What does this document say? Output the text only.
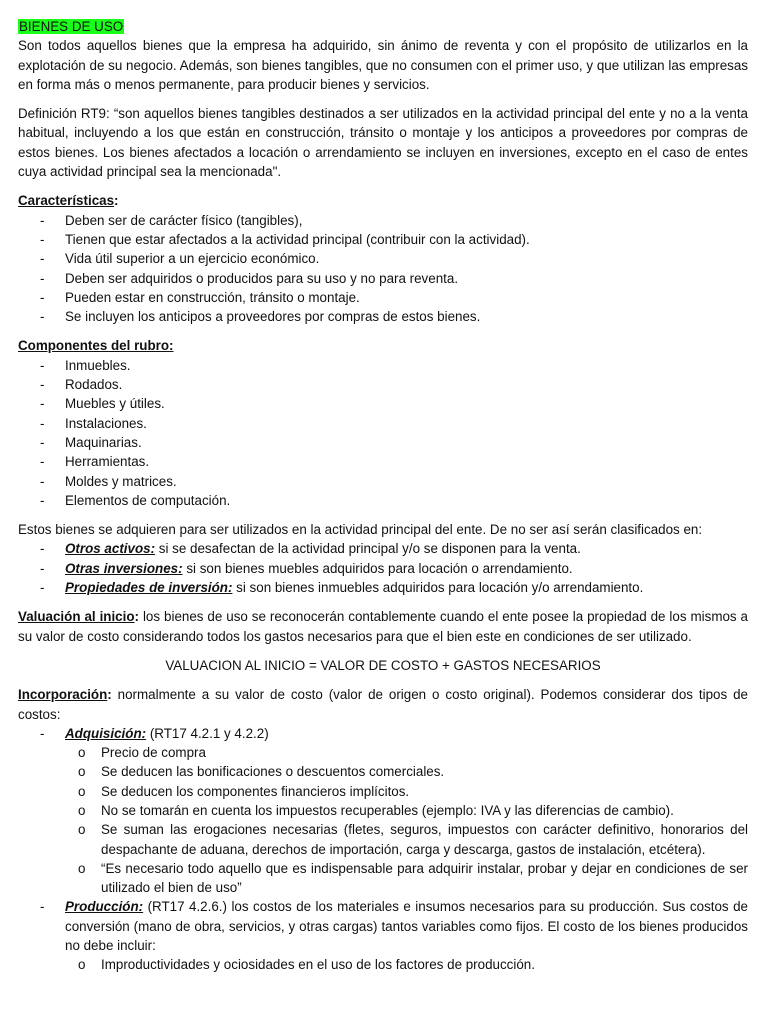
BIENES DE USO

Son todos aquellos bienes que la empresa ha adquirido, sin ánimo de reventa y con el propósito de utilizarlos en la explotación de su negocio. Además, son bienes tangibles, que no consumen con el primer uso, y que utilizan las empresas en forma más o menos permanente, para producir bienes y servicios.

Definición RT9: “son aquellos bienes tangibles destinados a ser utilizados en la actividad principal del ente y no a la venta habitual, incluyendo a los que están en construcción, tránsito o montaje y los anticipos a proveedores por compras de estos bienes. Los bienes afectados a locación o arrendamiento se incluyen en inversiones, excepto en el caso de entes cuya actividad principal sea la mencionada".

Características:

- Deben ser de carácter físico (tangibles),
- Tienen que estar afectados a la actividad principal (contribuir con la actividad).
- Vida útil superior a un ejercicio económico.
- Deben ser adquiridos o producidos para su uso y no para reventa.
- Pueden estar en construcción, tránsito o montaje.
- Se incluyen los anticipos a proveedores por compras de estos bienes.

Componentes del rubro:

- Inmuebles.
- Rodados.
- Muebles y útiles.
- Instalaciones.
- Maquinarias.
- Herramientas.
- Moldes y matrices.
- Elementos de computación.

Estos bienes se adquieren para ser utilizados en la actividad principal del ente. De no ser así serán clasificados en:

- Otros activos: si se desafectan de la actividad principal y/o se disponen para la venta.
- Otras inversiones: si son bienes muebles adquiridos para locación o arrendamiento.
- Propiedades de inversión: si son bienes inmuebles adquiridos para locación y/o arrendamiento.

Valuación al inicio: los bienes de uso se reconocerán contablemente cuando el ente posee la propiedad de los mismos a su valor de costo considerando todos los gastos necesarios para que el bien este en condiciones de ser utilizado.

VALUACION AL INICIO = VALOR DE COSTO + GASTOS NECESARIOS

Incorporación: normalmente a su valor de costo (valor de origen o costo original). Podemos considerar dos tipos de costos:

- Adquisición: (RT17 4.2.1 y 4.2.2)
o Precio de compra
o Se deducen las bonificaciones o descuentos comerciales.
o Se deducen los componentes financieros implícitos.
o No se tomarán en cuenta los impuestos recuperables (ejemplo: IVA y las diferencias de cambio).
o Se suman las erogaciones necesarias (fletes, seguros, impuestos con carácter definitivo, honorarios del despachante de aduana, derechos de importación, carga y descarga, gastos de instalación, etcétera).
o “Es necesario todo aquello que es indispensable para adquirir instalar, probar y dejar en condiciones de ser utilizado el bien de uso”
- Producción: (RT17 4.2.6.) los costos de los materiales e insumos necesarios para su producción. Sus costos de conversión (mano de obra, servicios, y otras cargas) tantos variables como fijos. El costo de los bienes producidos no debe incluir:
o Improductividades y ociosidades en el uso de los factores de producción.
